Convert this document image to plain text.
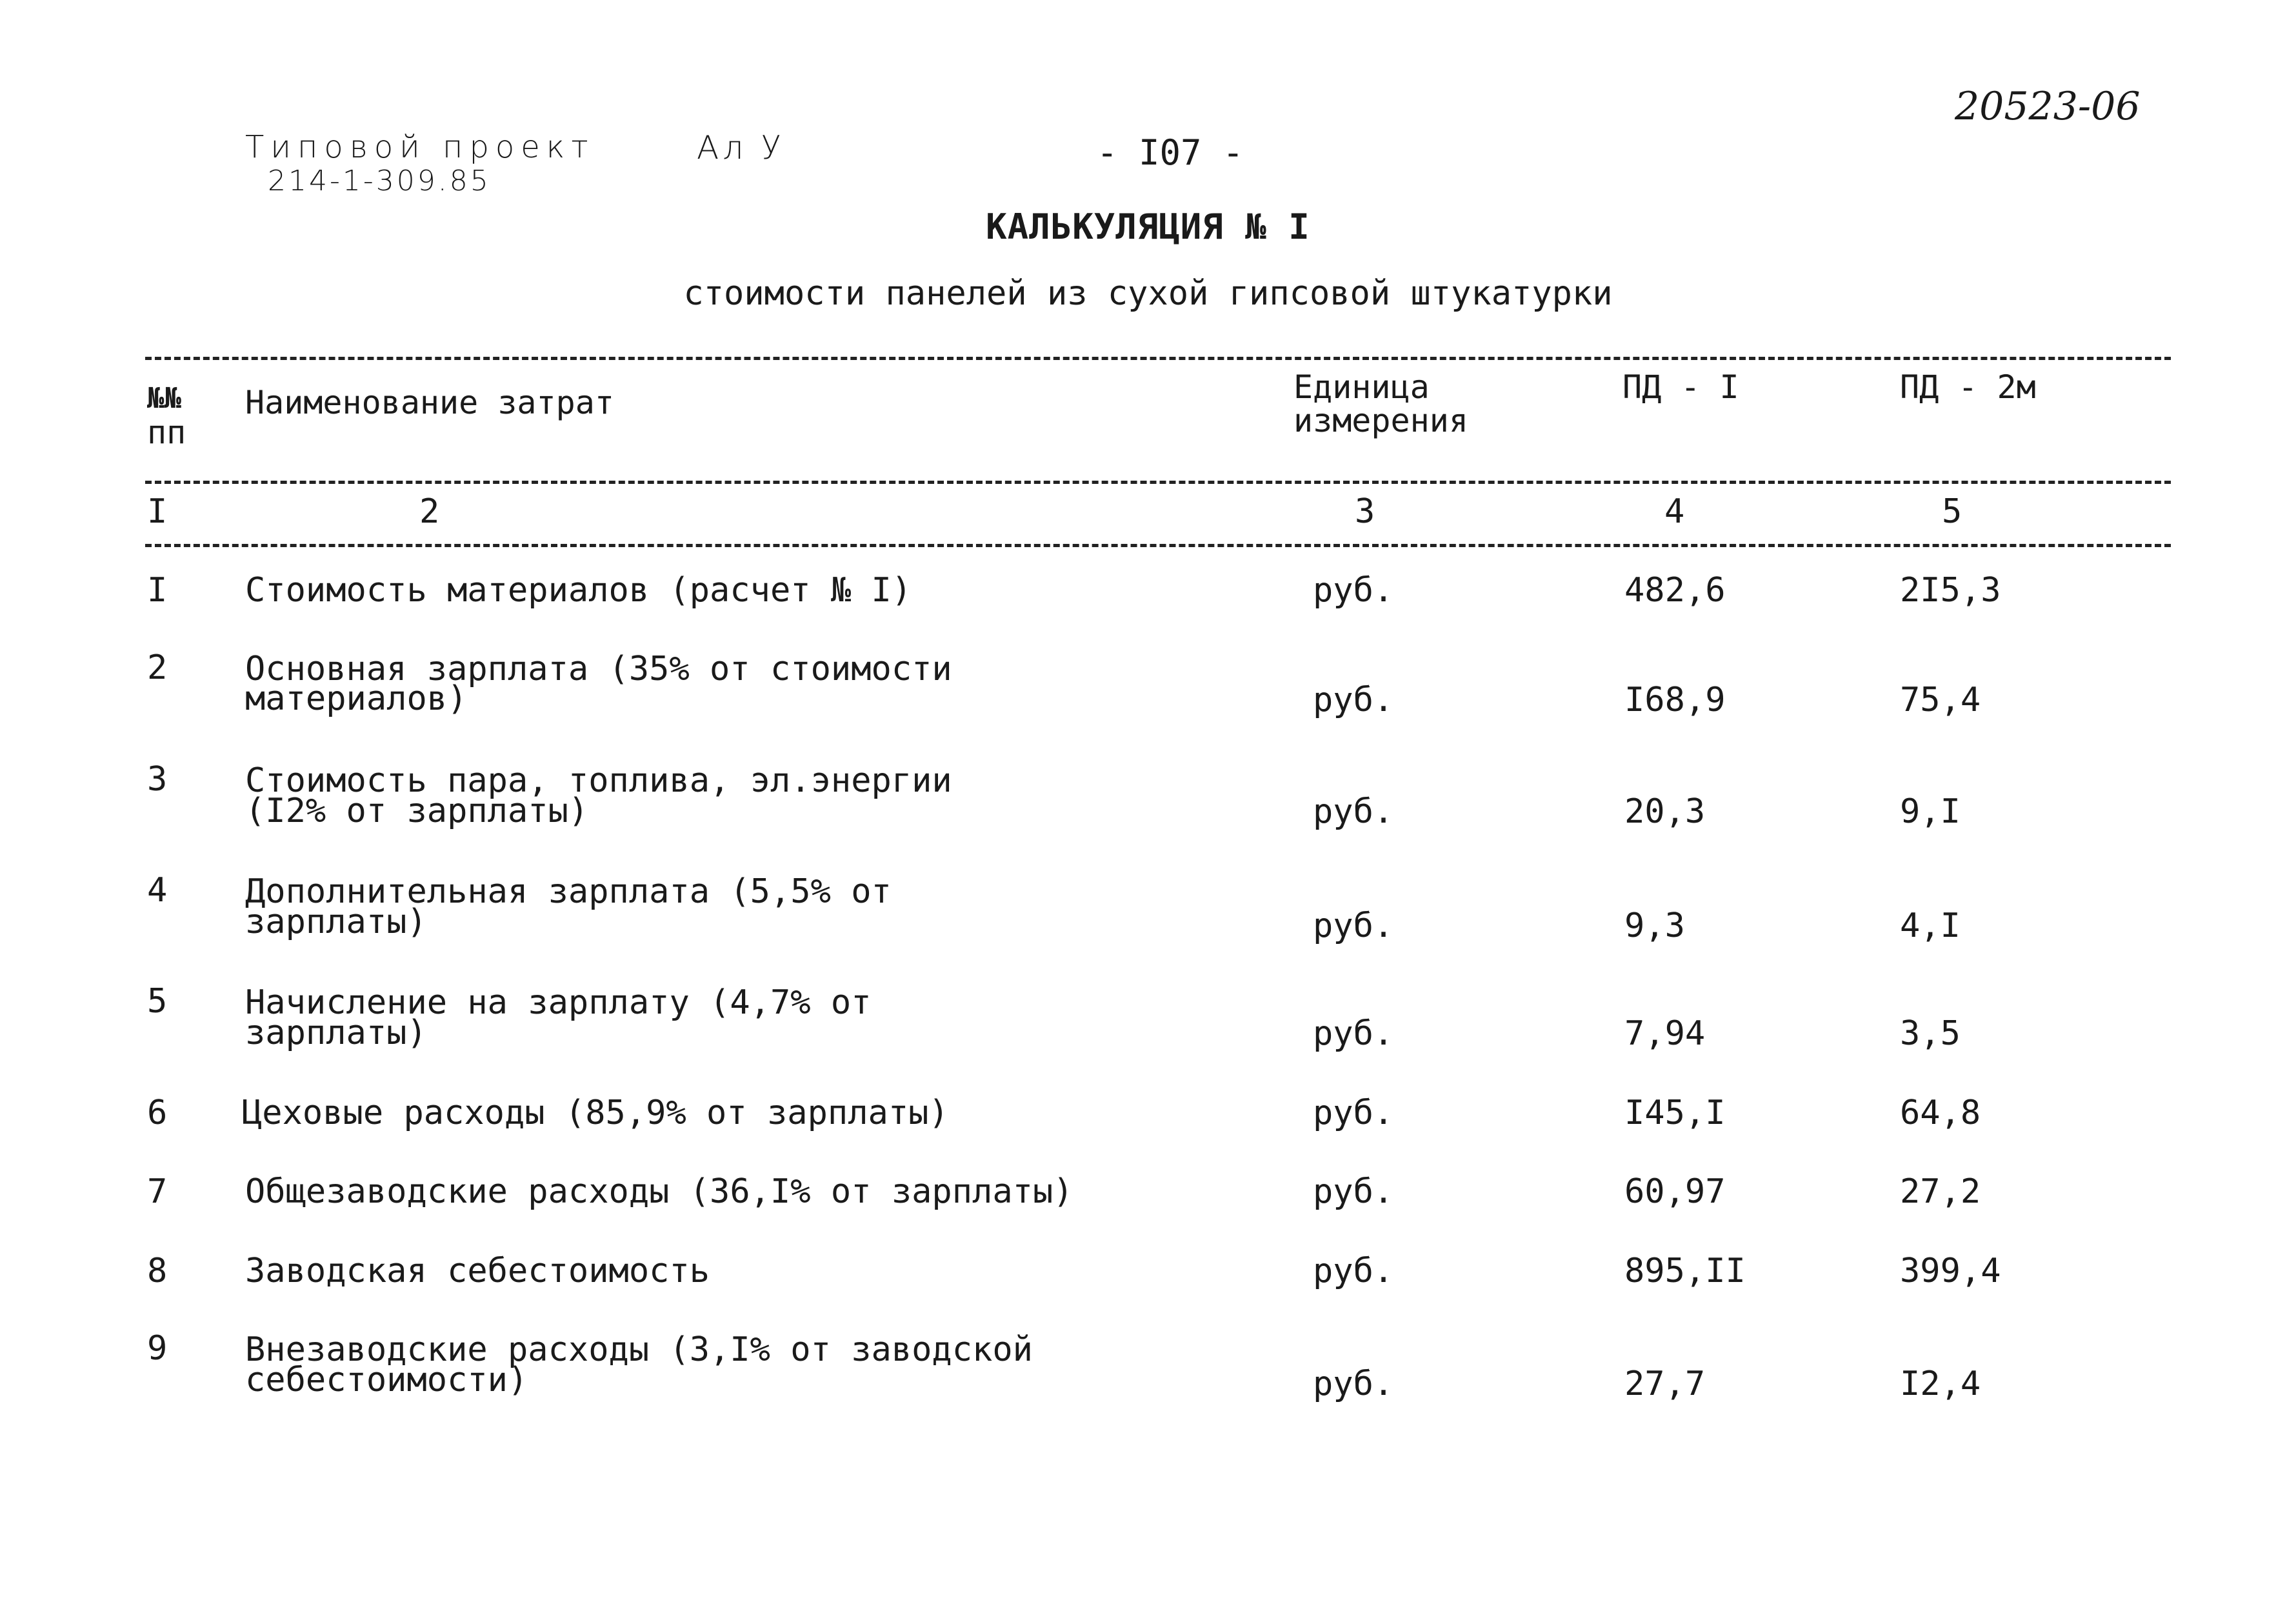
Типовой проект
214-1-309.85
Ал У	- I07 -
20523-06
КАЛЬКУЛЯЦИЯ № I
стоимости панелей из сухой гипсовой штукатурки
№№
пп
Наименование затрат	Единица
измерения
ПД - I	ПД - 2м
I	2	3	4	5
I Стоимость материалов (расчет № I)	руб.	482,6	2I5,3
2 Основная зарплата (35% от стоимости
материалов)	руб.	I68,9	75,4
3 Стоимость пара, топлива, эл.энергии
(I2% от зарплаты)	руб.	20,3	9,I
4 Дополнительная зарплата (5,5% от
зарплаты)	руб.	9,3	4,I
5 Начисление на зарплату (4,7% от
зарплаты)	руб.	7,94	3,5
6 Цеховые расходы (85,9% от зарплаты)	руб.	I45,I	64,8
7 Общезаводские расходы (36,I% от зарплаты)	руб.	60,97	27,2
8 Заводская себестоимость	руб.	895,II	399,4
9 Внезаводские расходы (3,I% от заводской
себестоимости)	руб.	27,7	I2,4
